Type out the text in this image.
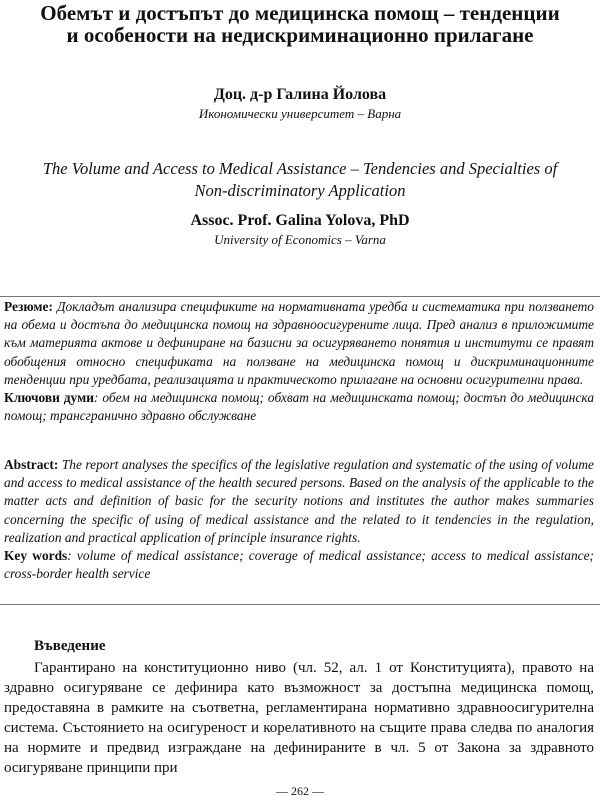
Обемът и достъпът до медицинска помощ – тенденции и особености на недискриминационно прилагане
Доц. д-р Галина Йолова
Икономически университет – Варна
The Volume and Access to Medical Assistance – Tendencies and Specialties of Non-discriminatory Application
Assoc. Prof. Galina Yolova, PhD
University of Economics – Varna

Резюме: Докладът анализира спецификите на нормативната уредба и систематика при ползването на обема и достъпа до медицинска помощ на здравноосигурените лица. Пред анализ в приложимите към материята актове и дефиниране на базисни за осигуряването понятия и институти се правят обобщения относно спецификата на ползване на медицинска помощ и дискриминационните тенденции при уредбата, реализацията и практическото прилагане на основни осигурителни права.

Ключови думи: обем на медицинска помощ; обхват на медицинската помощ; достъп до медицинска помощ; трансгранично здравно обслужване

Abstract: The report analyses the specifics of the legislative regulation and systematic of the using of volume and access to medical assistance of the health secured persons. Based on the analysis of the applicable to the matter acts and definition of basic for the security notions and institutes the author makes summaries concerning the specific of using of medical assistance and the related to it tendencies in the regulation, realization and practical application of principle insurance rights.

Key words: volume of medical assistance; coverage of medical assistance; access to medical assistance; cross-border health service

Въведение

Гарантирано на конституционно ниво (чл. 52, ал. 1 от Конституцията), правото на здравно осигуряване се дефинира като възможност за достъпна медицинска помощ, предоставяна в рамките на съответна, регламентирана нормативно здравноосигурителна система. Състоянието на осигуреност и корелативното на същите права следва по аналогия на нормите и предвид изграждане на дефинираните в чл. 5 от Закона за здравното осигуряване принципи при

— 262 —
